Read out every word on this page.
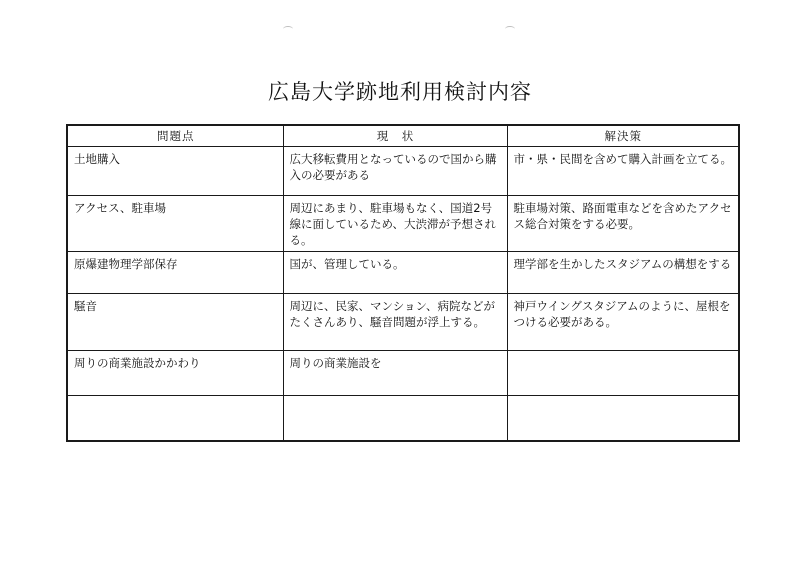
広島大学跡地利用検討内容
問題点	現　状	解決策
土地購入	広大移転費用となっているので国から購入の必要がある	市・県・民間を含めて購入計画を立てる。
アクセス、駐車場	周辺にあまり、駐車場もなく、国道2号線に面しているため、大渋滞が予想される。	駐車場対策、路面電車などを含めたアクセス総合対策をする必要。
原爆建物理学部保存	国が、管理している。	理学部を生かしたスタジアムの構想をする
騒音	周辺に、民家、マンション、病院などがたくさんあり、騒音問題が浮上する。	神戸ウイングスタジアムのように、屋根をつける必要がある。
周りの商業施設かかわり	周りの商業施設を	
